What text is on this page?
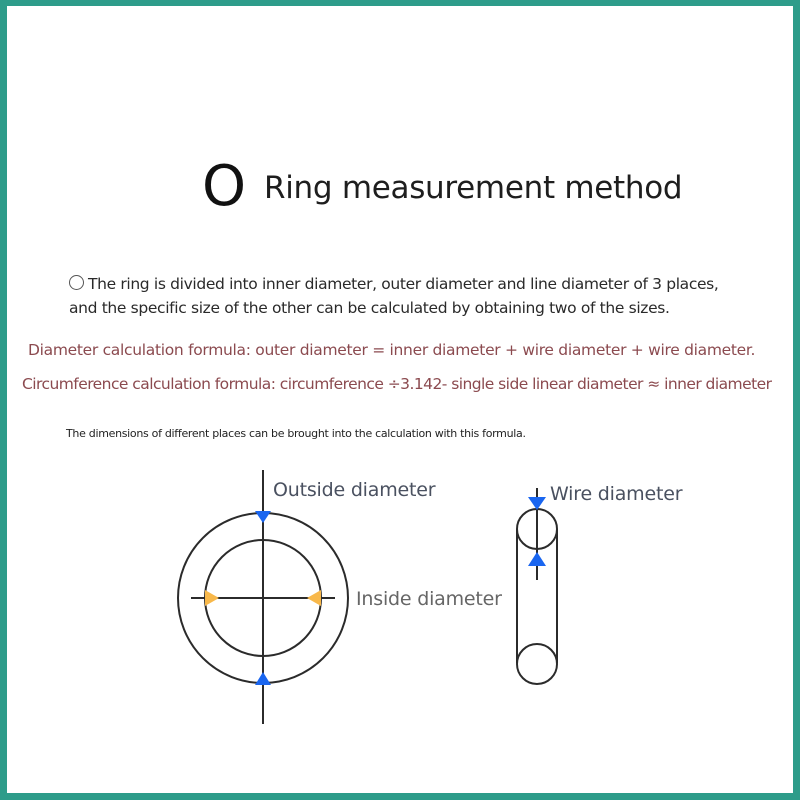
O Ring measurement method
The ring is divided into inner diameter, outer diameter and line diameter of 3 places,
and the specific size of the other can be calculated by obtaining two of the sizes.
Diameter calculation formula: outer diameter = inner diameter + wire diameter + wire diameter.
Circumference calculation formula: circumference ÷3.142- single side linear diameter ≈ inner diameter
The dimensions of different places can be brought into the calculation with this formula.
Outside diameter
Inside diameter
Wire diameter
